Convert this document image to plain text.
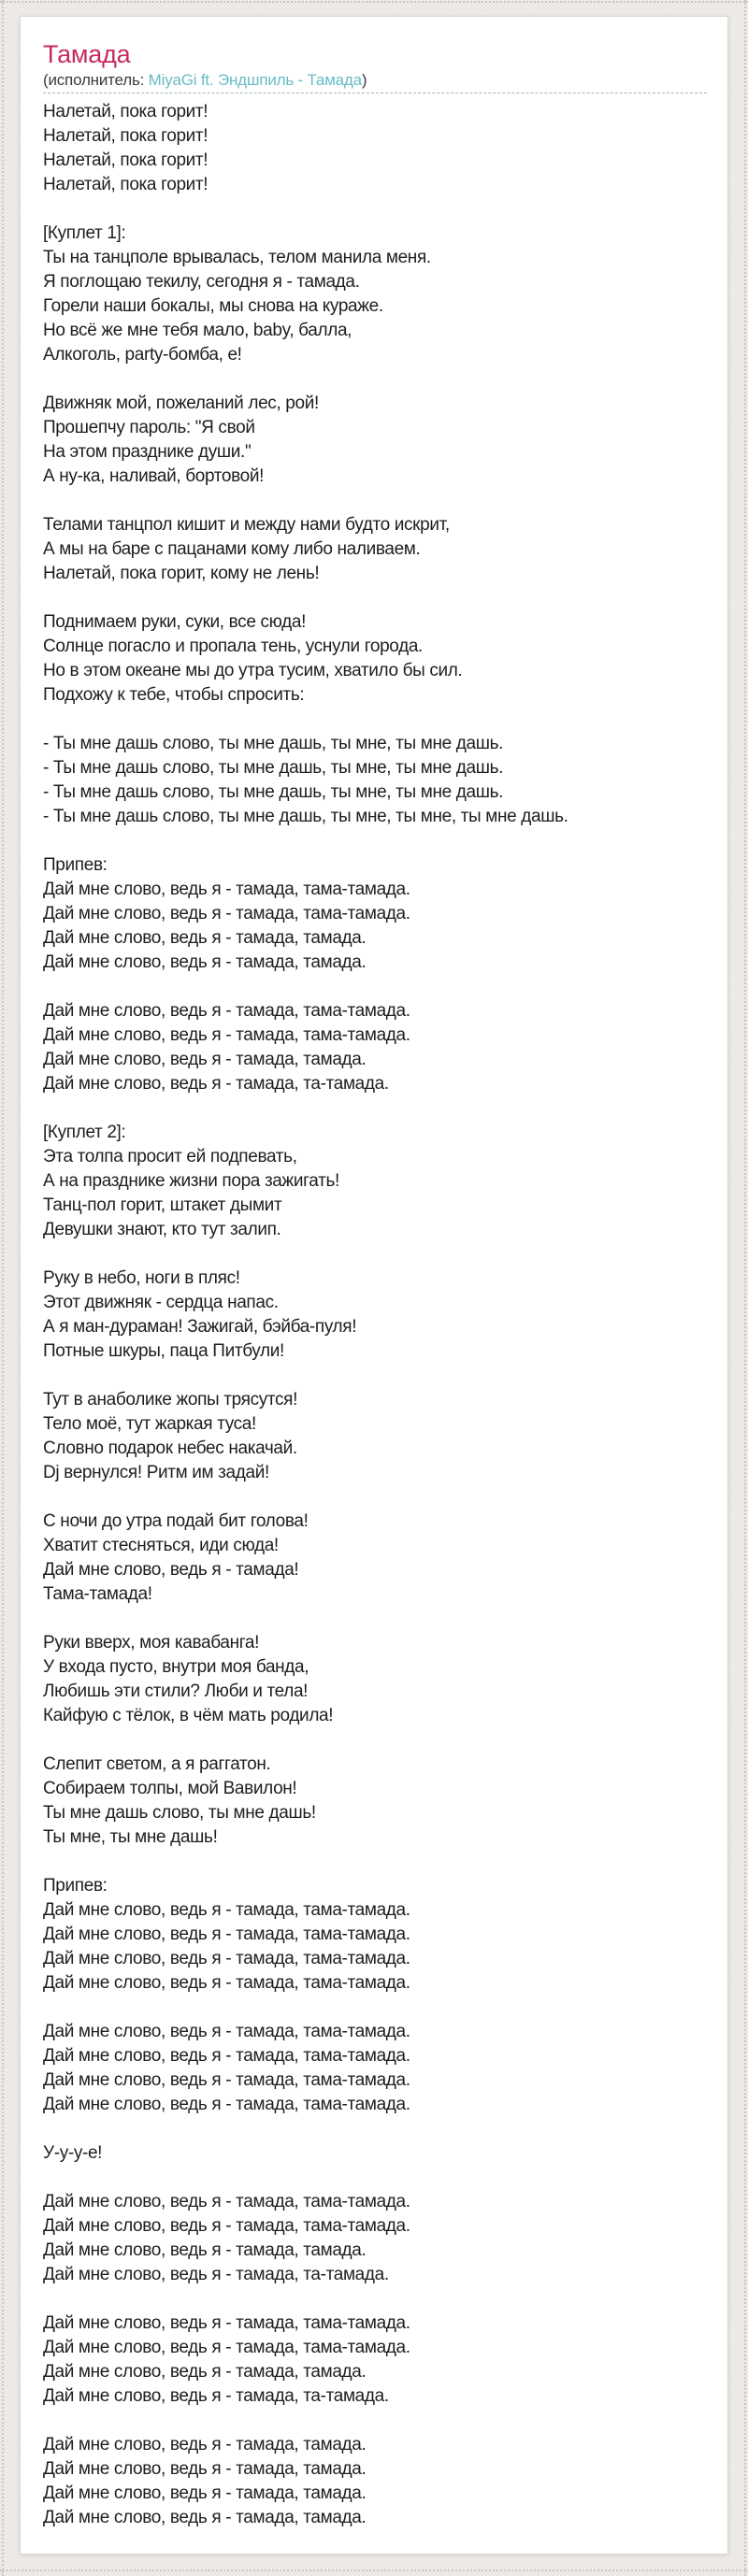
Тамада
(исполнитель: MiyaGi ft. Эндшпиль - Тамада)
Налетай, пока горит!
Налетай, пока горит!
Налетай, пока горит!
Налетай, пока горит!
[Куплет 1]:
Ты на танцполе врывалась, телом манила меня.
Я поглощаю текилу, сегодня я - тамада.
Горели наши бокалы, мы снова на кураже.
Но всё же мне тебя мало, baby, балла,
Алкоголь, party-бомба, е!
Движняк мой, пожеланий лес, рой!
Прошепчу пароль: "Я свой
На этом празднике души."
А ну-ка, наливай, бортовой!
Телами танцпол кишит и между нами будто искрит,
А мы на баре с пацанами кому либо наливаем.
Налетай, пока горит, кому не лень!
Поднимаем руки, суки, все сюда!
Солнце погасло и пропала тень, уснули города.
Но в этом океане мы до утра тусим, хватило бы сил.
Подхожу к тебе, чтобы спросить:
- Ты мне дашь слово, ты мне дашь, ты мне, ты мне дашь.
- Ты мне дашь слово, ты мне дашь, ты мне, ты мне дашь.
- Ты мне дашь слово, ты мне дашь, ты мне, ты мне дашь.
- Ты мне дашь слово, ты мне дашь, ты мне, ты мне, ты мне дашь.
Припев:
Дай мне слово, ведь я - тамада, тама-тамада.
Дай мне слово, ведь я - тамада, тама-тамада.
Дай мне слово, ведь я - тамада, тамада.
Дай мне слово, ведь я - тамада, тамада.
Дай мне слово, ведь я - тамада, тама-тамада.
Дай мне слово, ведь я - тамада, тама-тамада.
Дай мне слово, ведь я - тамада, тамада.
Дай мне слово, ведь я - тамада, та-тамада.
[Куплет 2]:
Эта толпа просит ей подпевать,
А на празднике жизни пора зажигать!
Танц-пол горит, штакет дымит
Девушки знают, кто тут залип.
Руку в небо, ноги в пляс!
Этот движняк - сердца напас.
А я ман-дураман! Зажигай, бэйба-пуля!
Потные шкуры, паца Питбули!
Тут в анаболике жопы трясутся!
Тело моё, тут жаркая туса!
Словно подарок небес накачай.
Dj вернулся! Ритм им задай!
С ночи до утра подай бит голова!
Хватит стесняться, иди сюда!
Дай мне слово, ведь я - тамада!
Тама-тамада!
Руки вверх, моя кавабанга!
У входа пусто, внутри моя банда,
Любишь эти стили? Люби и тела!
Кайфую с тёлок, в чём мать родила!
Слепит светом, а я раггатон.
Собираем толпы, мой Вавилон!
Ты мне дашь слово, ты мне дашь!
Ты мне, ты мне дашь!
Припев:
Дай мне слово, ведь я - тамада, тама-тамада.
Дай мне слово, ведь я - тамада, тама-тамада.
Дай мне слово, ведь я - тамада, тама-тамада.
Дай мне слово, ведь я - тамада, тама-тамада.
Дай мне слово, ведь я - тамада, тама-тамада.
Дай мне слово, ведь я - тамада, тама-тамада.
Дай мне слово, ведь я - тамада, тама-тамада.
Дай мне слово, ведь я - тамада, тама-тамада.
У-у-у-е!
Дай мне слово, ведь я - тамада, тама-тамада.
Дай мне слово, ведь я - тамада, тама-тамада.
Дай мне слово, ведь я - тамада, тамада.
Дай мне слово, ведь я - тамада, та-тамада.
Дай мне слово, ведь я - тамада, тама-тамада.
Дай мне слово, ведь я - тамада, тама-тамада.
Дай мне слово, ведь я - тамада, тамада.
Дай мне слово, ведь я - тамада, та-тамада.
Дай мне слово, ведь я - тамада, тамада.
Дай мне слово, ведь я - тамада, тамада.
Дай мне слово, ведь я - тамада, тамада.
Дай мне слово, ведь я - тамада, тамада.
